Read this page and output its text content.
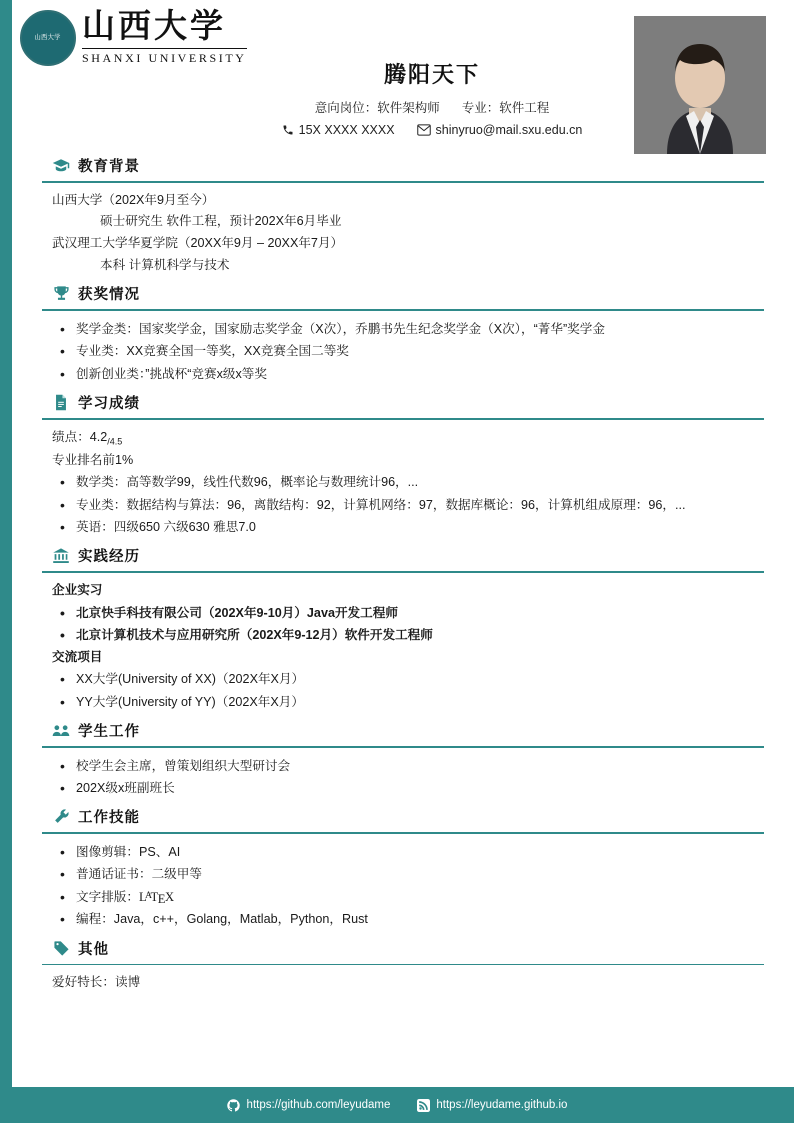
山西大学 山西大学
SHANXI UNIVERSITY
腾阳天下
意向岗位：软件架构师 专业：软件工程
15X XXXX XXXX	shinyruo@mail.sxu.edu.cn
教育背景
山西大学（202X年9月至今）
硕士研究生 软件工程，预计202X年6月毕业
武汉理工大学华夏学院（20XX年9月 – 20XX年7月）
本科 计算机科学与技术
获奖情况
• 奖学金类：国家奖学金，国家励志奖学金（X次），乔鹏书先生纪念奖学金（X次），“菁华”奖学金
• 专业类：XX竞赛全国一等奖，XX竞赛全国二等奖
• 创新创业类：”挑战杯“竞赛x级x等奖
学习成绩
绩点： $4.2_{/4.5}$
专业排名前1%
• 数学类：高等数学99，线性代数96，概率论与数理统计96，...
• 专业类：数据结构与算法：96，离散结构：92，计算机网络：97，数据库概论：96，计算机组成原理：96，...
• 英语：四级650 六级630 雅思7.0
实践经历
企业实习
• 北京快手科技有限公司（202X年9-10月）Java开发工程师
• 北京计算机技术与应用研究所（202X年9-12月）软件开发工程师
交流项目
• XX大学(University of XX)（202X年X月）
• YY大学(University of YY)（202X年X月）
学生工作
• 校学生会主席，曾策划组织大型研讨会
• 202X级x班副班长
工作技能
• 图像剪辑：PS、AI
• 普通话证书：二级甲等
• 文字排版：$L^ATEX$
• 编程：Java，c++，Golang，Matlab，Python，Rust
其他
爱好特长：读博
https://github.com/leyudame	https://leyudame.github.io
